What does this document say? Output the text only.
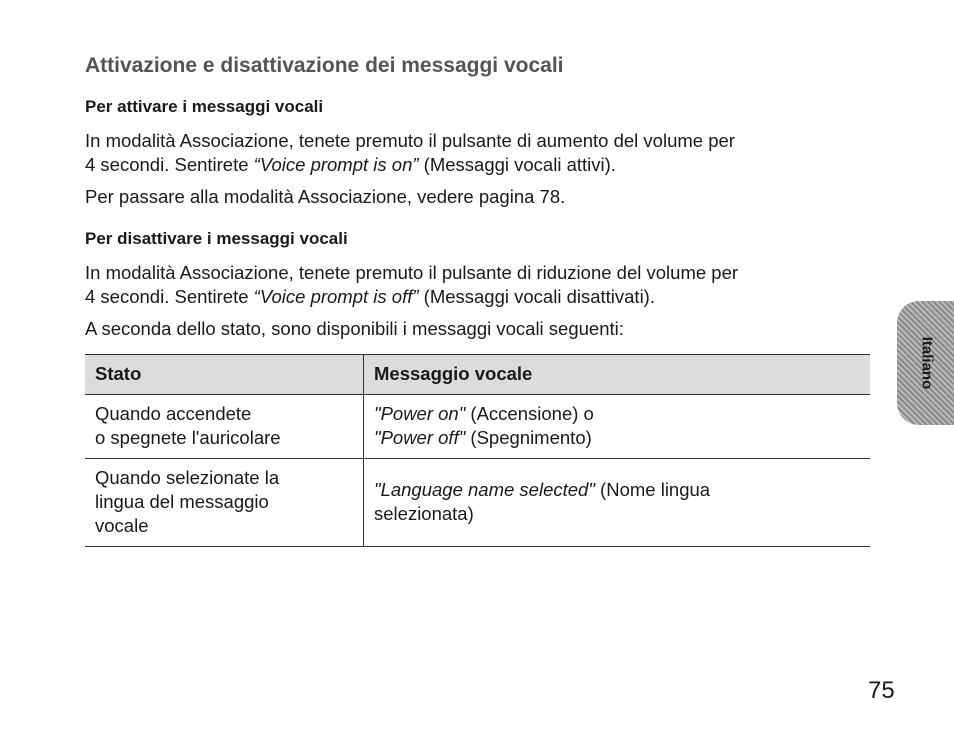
Attivazione e disattivazione dei messaggi vocali
Per attivare i messaggi vocali

In modalità Associazione, tenete premuto il pulsante di aumento del volume per
4 secondi. Sentirete “Voice prompt is on” (Messaggi vocali attivi).

Per passare alla modalità Associazione, vedere pagina 78.

Per disattivare i messaggi vocali

In modalità Associazione, tenete premuto il pulsante di riduzione del volume per
4 secondi. Sentirete “Voice prompt is off” (Messaggi vocali disattivati).

A seconda dello stato, sono disponibili i messaggi vocali seguenti:

Stato	Messaggio vocale
Quando accendete
o spegnete l'auricolare	"Power on" (Accensione) o
"Power off" (Spegnimento)
Quando selezionate la
lingua del messaggio
vocale	"Language name selected" (Nome lingua
selezionata)
Italiano
75
